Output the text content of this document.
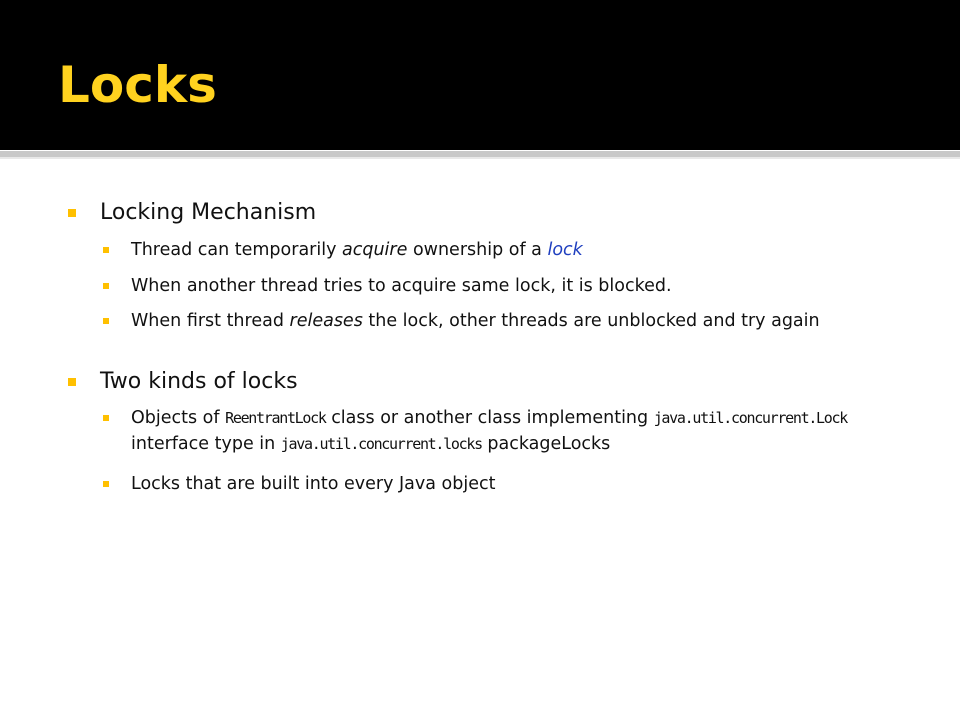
Locks
Locking Mechanism
Thread can temporarily acquire ownership of a lock
When another thread tries to acquire same lock, it is blocked.
When first thread releases the lock, other threads are unblocked and try again
Two kinds of locks
Objects of ReentrantLock class or another class implementing java.util.concurrent.Lock interface type in java.util.concurrent.locks packageLocks
Locks that are built into every Java object
